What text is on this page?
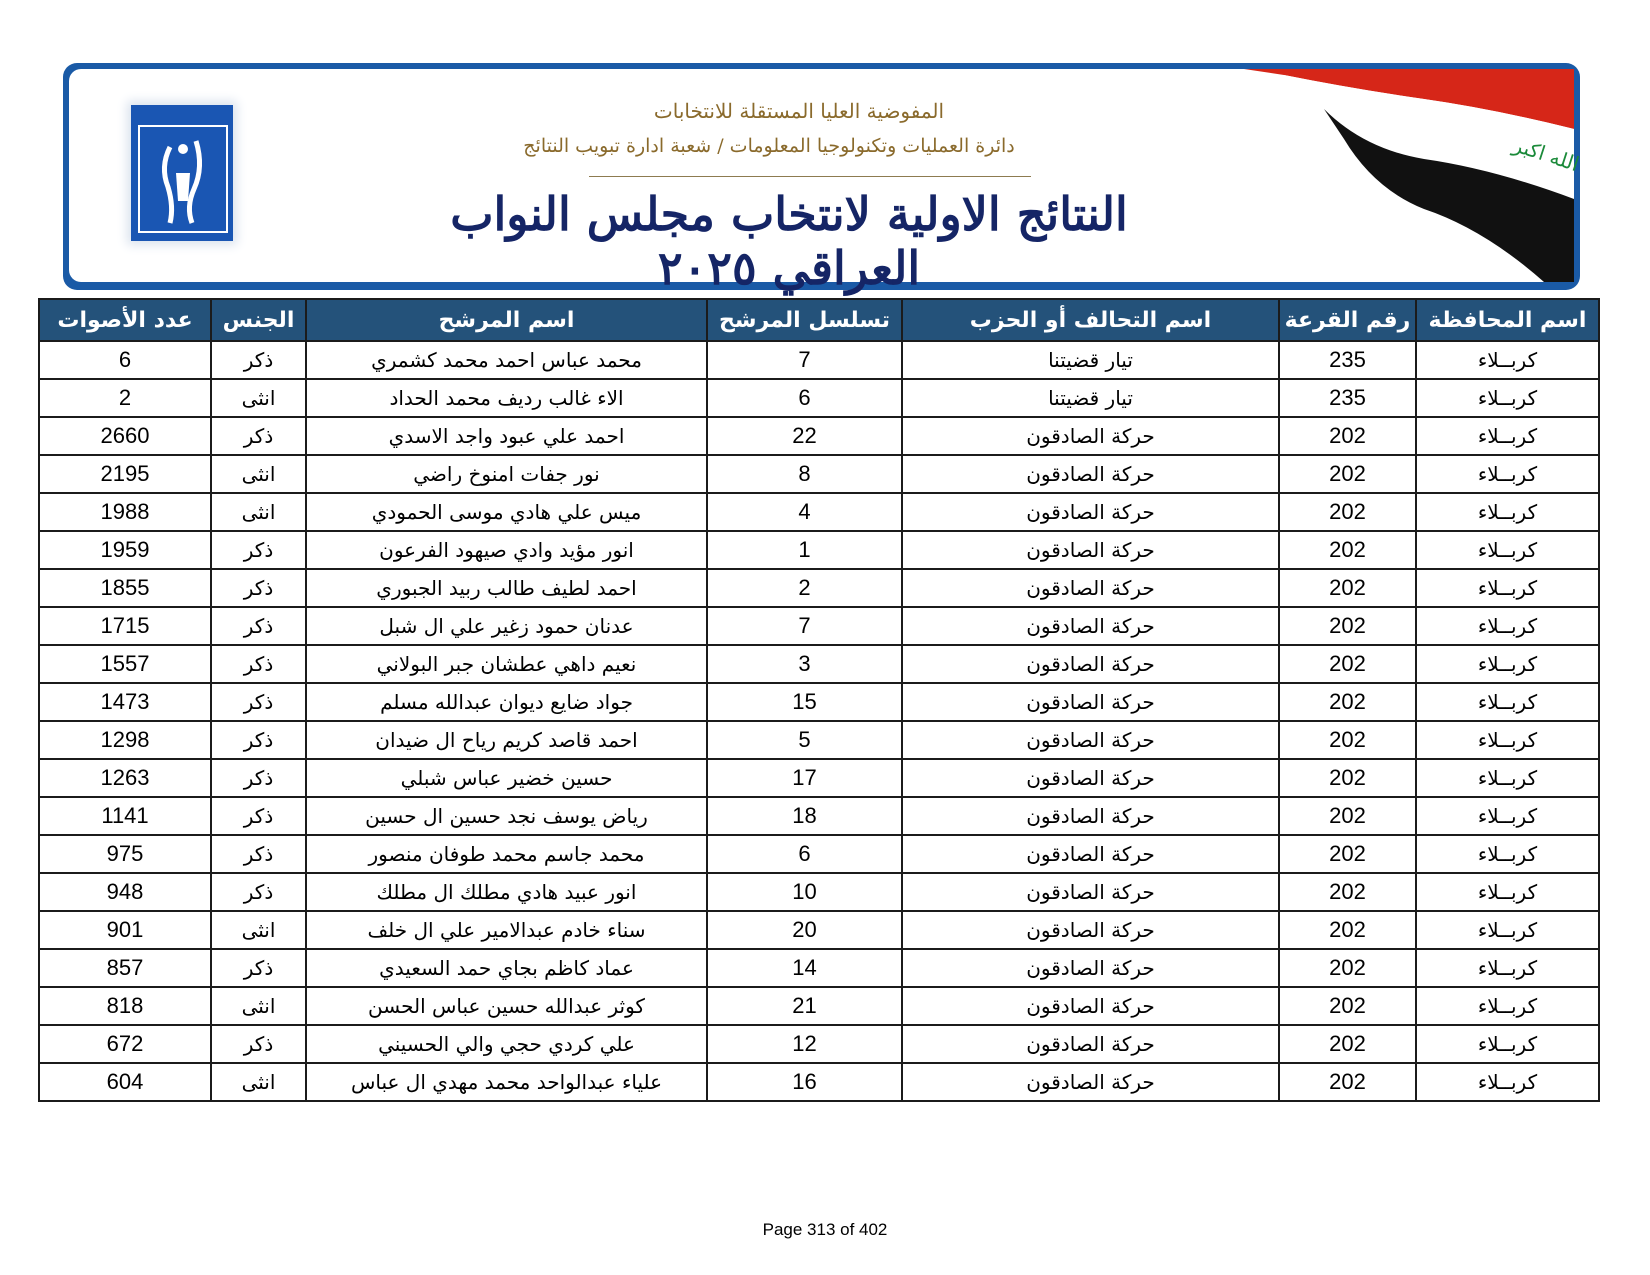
المفوضية العليا المستقلة للانتخابات
دائرة العمليات وتكنولوجيا المعلومات / شعبة ادارة تبويب النتائج
النتائج الاولية لانتخاب مجلس النواب العراقي ٢٠٢٥
الله اكبر
اسم المحافظة	رقم القرعة	اسم التحالف أو الحزب	تسلسل المرشح	اسم المرشح	الجنس	عدد الأصوات
كربــلاء	235	تيار قضيتنا	7	محمد عباس احمد محمد كشمري	ذكر	6
كربــلاء	235	تيار قضيتنا	6	الاء غالب رديف محمد الحداد	انثى	2
كربــلاء	202	حركة الصادقون	22	احمد علي عبود واجد الاسدي	ذكر	2660
كربــلاء	202	حركة الصادقون	8	نور جفات امنوخ راضي	انثى	2195
كربــلاء	202	حركة الصادقون	4	ميس علي هادي موسى الحمودي	انثى	1988
كربــلاء	202	حركة الصادقون	1	انور مؤيد وادي صيهود الفرعون	ذكر	1959
كربــلاء	202	حركة الصادقون	2	احمد لطيف طالب ربيد الجبوري	ذكر	1855
كربــلاء	202	حركة الصادقون	7	عدنان حمود زغير علي ال شبل	ذكر	1715
كربــلاء	202	حركة الصادقون	3	نعيم داهي عطشان جبر البولاني	ذكر	1557
كربــلاء	202	حركة الصادقون	15	جواد ضايع ديوان عبدالله مسلم	ذكر	1473
كربــلاء	202	حركة الصادقون	5	احمد قاصد كريم رياح ال ضيدان	ذكر	1298
كربــلاء	202	حركة الصادقون	17	حسين خضير عباس شبلي	ذكر	1263
كربــلاء	202	حركة الصادقون	18	رياض يوسف نجد حسين ال حسين	ذكر	1141
كربــلاء	202	حركة الصادقون	6	محمد جاسم محمد طوفان منصور	ذكر	975
كربــلاء	202	حركة الصادقون	10	انور عبيد هادي مطلك ال مطلك	ذكر	948
كربــلاء	202	حركة الصادقون	20	سناء خادم عبدالامير علي ال خلف	انثى	901
كربــلاء	202	حركة الصادقون	14	عماد كاظم بجاي حمد السعيدي	ذكر	857
كربــلاء	202	حركة الصادقون	21	كوثر عبدالله حسين عباس الحسن	انثى	818
كربــلاء	202	حركة الصادقون	12	علي كردي حجي والي الحسيني	ذكر	672
كربــلاء	202	حركة الصادقون	16	علياء عبدالواحد محمد مهدي ال عباس	انثى	604
Page 313 of 402
